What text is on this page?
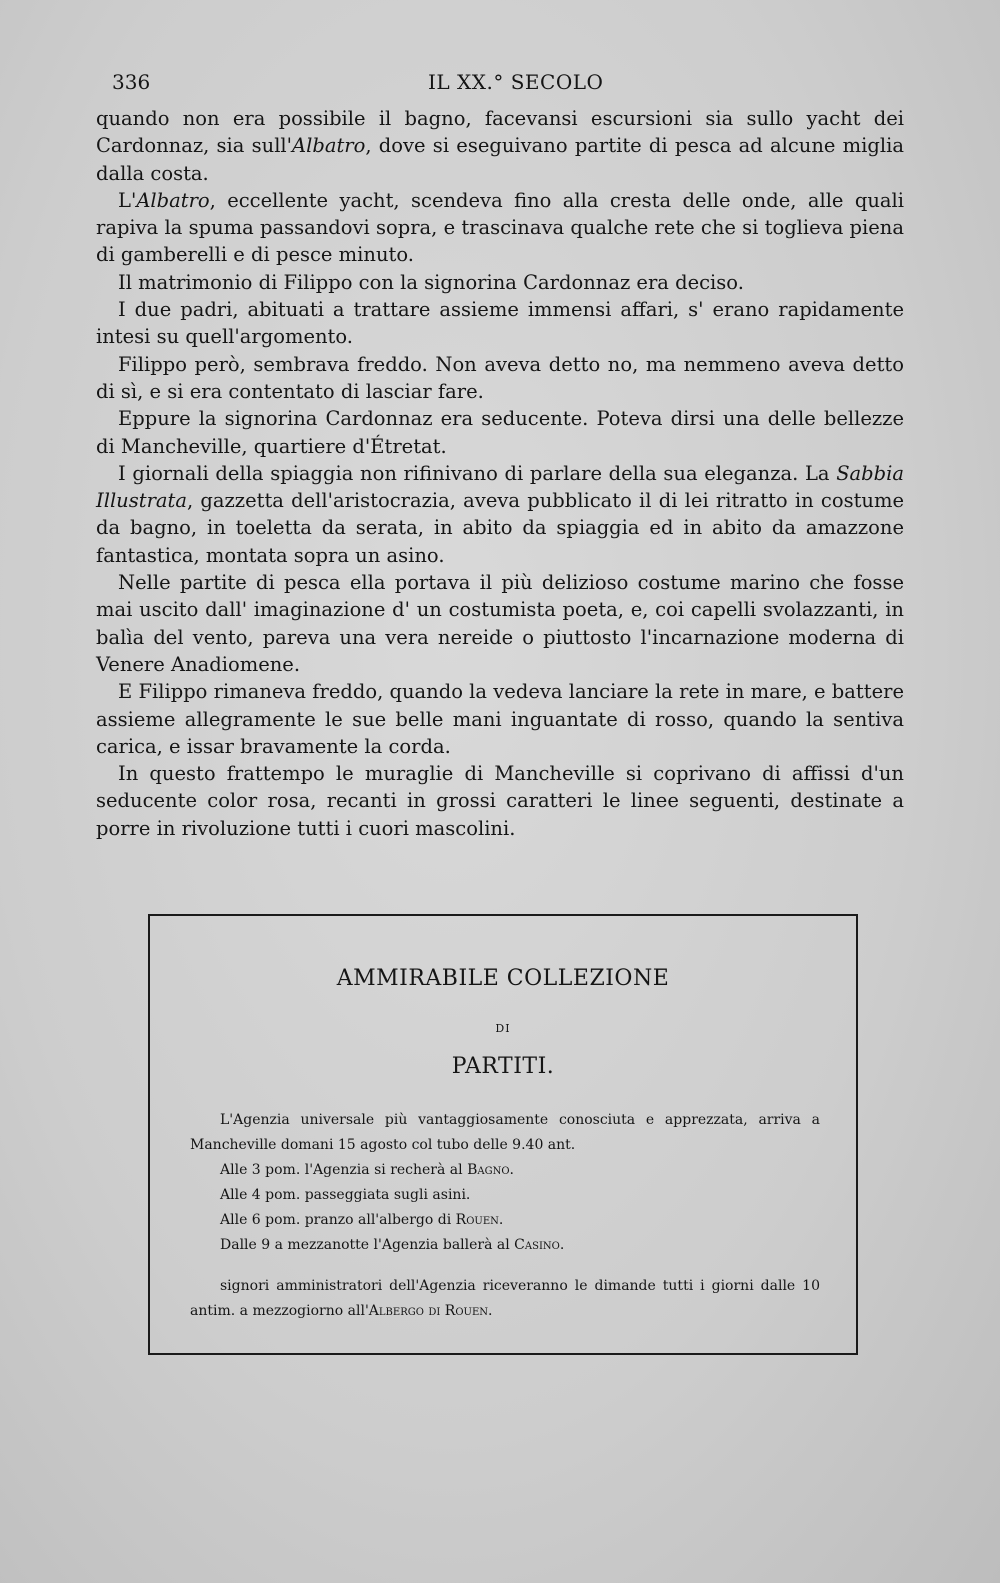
336	IL XX.° SECOLO

quando non era possibile il bagno, facevansi escursioni sia sullo yacht dei Cardonnaz, sia sull'Albatro, dove si eseguivano partite di pesca ad alcune miglia dalla costa.

L'Albatro, eccellente yacht, scendeva fino alla cresta delle onde, alle quali rapiva la spuma passandovi sopra, e trascinava qualche rete che si toglieva piena di gamberelli e di pesce minuto.

Il matrimonio di Filippo con la signorina Cardonnaz era deciso.

I due padri, abituati a trattare assieme immensi affari, s' erano rapidamente intesi su quell'argomento.

Filippo però, sembrava freddo. Non aveva detto no, ma nemmeno aveva detto di sì, e si era contentato di lasciar fare.

Eppure la signorina Cardonnaz era seducente. Poteva dirsi una delle bellezze di Mancheville, quartiere d'Étretat.

I giornali della spiaggia non rifinivano di parlare della sua eleganza. La Sabbia Illustrata, gazzetta dell'aristocrazia, aveva pubblicato il di lei ritratto in costume da bagno, in toeletta da serata, in abito da spiaggia ed in abito da amazzone fantastica, montata sopra un asino.

Nelle partite di pesca ella portava il più delizioso costume marino che fosse mai uscito dall' imaginazione d' un costumista poeta, e, coi capelli svolazzanti, in balìa del vento, pareva una vera nereide o piuttosto l'incarnazione moderna di Venere Anadiomene.

E Filippo rimaneva freddo, quando la vedeva lanciare la rete in mare, e battere assieme allegramente le sue belle mani inguantate di rosso, quando la sentiva carica, e issar bravamente la corda.

In questo frattempo le muraglie di Mancheville si coprivano di affissi d'un seducente color rosa, recanti in grossi caratteri le linee seguenti, destinate a porre in rivoluzione tutti i cuori mascolini.

AMMIRABILE COLLEZIONE
DI
PARTITI.

L'Agenzia universale più vantaggiosamente conosciuta e apprezzata, arriva a Mancheville domani 15 agosto col tubo delle 9.40 ant.

Alle 3 pom. l'Agenzia si recherà al Bagno.
Alle 4 pom. passeggiata sugli asini.
Alle 6 pom. pranzo all'albergo di Rouen.
Dalle 9 a mezzanotte l'Agenzia ballerà al Casino.

signori amministratori dell'Agenzia riceveranno le dimande tutti i giorni dalle 10 antim. a mezzogiorno all'Albergo di Rouen.
